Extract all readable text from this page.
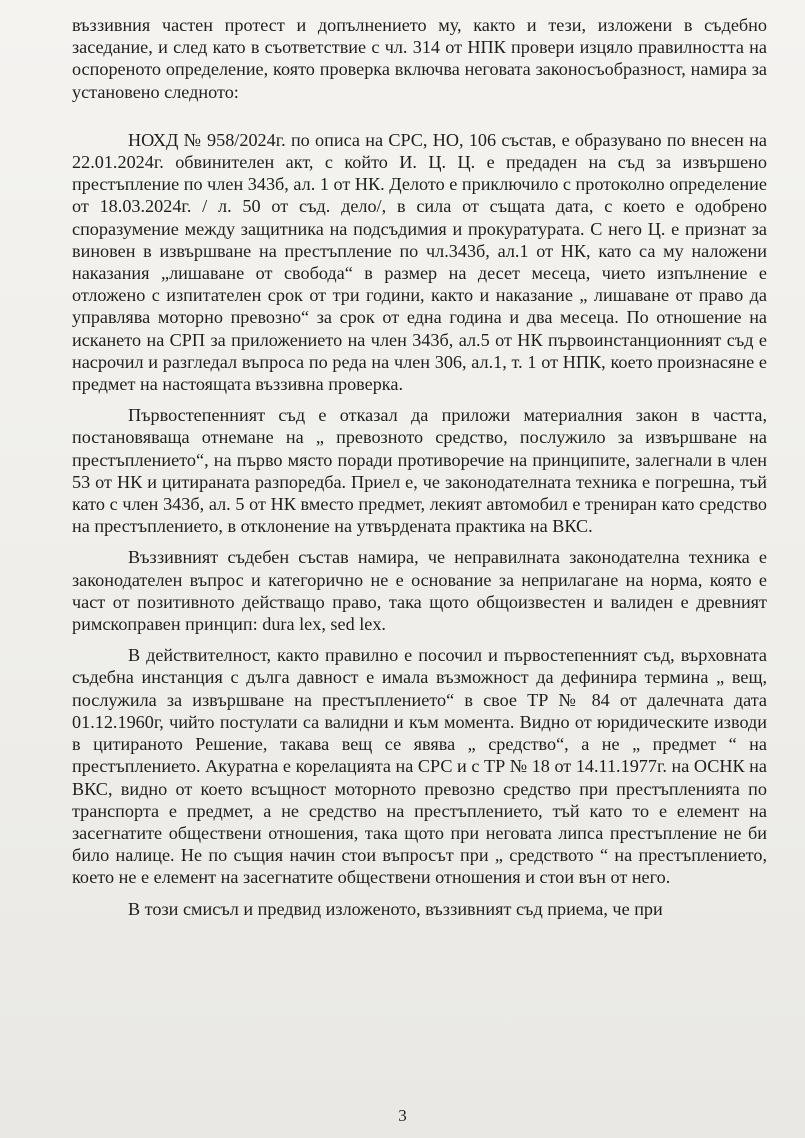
въззивния частен протест и допълнението му, както и тези, изложени в съдебно заседание, и след като в съответствие с чл. 314 от НПК провери изцяло правилността на оспореното определение, която проверка включва неговата законосъобразност, намира за установено следното:

НОХД № 958/2024г. по описа на СРС, НО, 106 състав, е образувано по внесен на 22.01.2024г. обвинителен акт, с който И. Ц. Ц. е предаден на съд за извършено престъпление по член 343б, ал. 1 от НК. Делото е приключило с протоколно определение от 18.03.2024г. / л. 50 от съд. дело/, в сила от същата дата, с което е одобрено споразумение между защитника на подсъдимия и прокуратурата. С него Ц. е признат за виновен в извършване на престъпление по чл.343б, ал.1 от НК, като са му наложени наказания „лишаване от свобода“ в размер на десет месеца, чието изпълнение е отложено с изпитателен срок от три години, както и наказание „ лишаване от право да управлява моторно превозно“ за срок от една година и два месеца. По отношение на искането на СРП за приложението на член 343б, ал.5 от НК първоинстанционният съд е насрочил и разгледал въпроса по реда на член 306, ал.1, т. 1 от НПК, което произнасяне е предмет на настоящата въззивна проверка.

Първостепенният съд е отказал да приложи материалния закон в частта, постановяваща отнемане на „ превозното средство, послужило за извършване на престъплението“, на първо място поради противоречие на принципите, залегнали в член 53 от НК и цитираната разпоредба. Приел е, че законодателната техника е погрешна, тъй като с член 343б, ал. 5 от НК вместо предмет, лекият автомобил е трениран като средство на престъплението, в отклонение на утвърдената практика на ВКС.

Въззивният съдебен състав намира, че неправилната законодателна техника е законодателен въпрос и категорично не е основание за неприлагане на норма, която е част от позитивното действащо право, така щото общоизвестен и валиден е древният римскоправен принцип: dura lex, sed lex.

В действителност, както правилно е посочил и първостепенният съд, върховната съдебна инстанция с дълга давност е имала възможност да дефинира термина „ вещ, послужила за извършване на престъплението“ в свое ТР № 84 от далечната дата 01.12.1960г, чийто постулати са валидни и към момента. Видно от юридическите изводи в цитираното Решение, такава вещ се явява „ средство“, а не „ предмет “ на престъплението. Акуратна е корелацията на СРС и с ТР № 18 от 14.11.1977г. на ОСНК на ВКС, видно от което всъщност моторното превозно средство при престъпленията по транспорта е предмет, а не средство на престъплението, тъй като то е елемент на засегнатите обществени отношения, така щото при неговата липса престъпление не би било налице. Не по същия начин стои въпросът при „ средството “ на престъплението, което не е елемент на засегнатите обществени отношения и стои вън от него.

В този смисъл и предвид изложеното, въззивният съд приема, че при

3
